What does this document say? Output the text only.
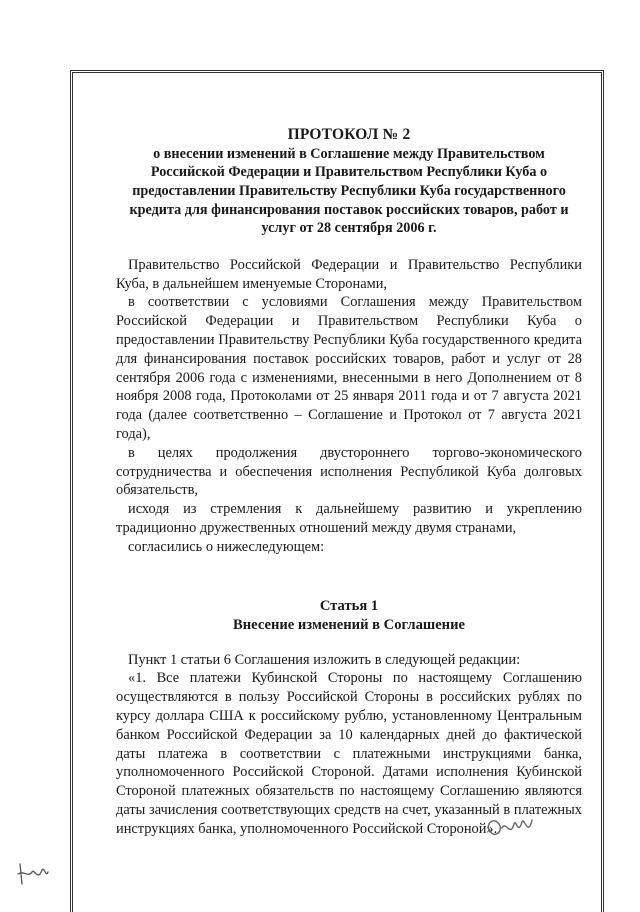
ПРОТОКОЛ № 2
о внесении изменений в Соглашение между Правительством Российской Федерации и Правительством Республики Куба о предоставлении Правительству Республики Куба государственного кредита для финансирования поставок российских товаров, работ и услуг от 28 сентября 2006 г.

Правительство Российской Федерации и Правительство Республики Куба, в дальнейшем именуемые Сторонами,

в соответствии с условиями Соглашения между Правительством Российской Федерации и Правительством Республики Куба о предоставлении Правительству Республики Куба государственного кредита для финансирования поставок российских товаров, работ и услуг от 28 сентября 2006 года с изменениями, внесенными в него Дополнением от 8 ноября 2008 года, Протоколами от 25 января 2011 года и от 7 августа 2021 года (далее соответственно – Соглашение и Протокол от 7 августа 2021 года),

в целях продолжения двустороннего торгово-экономического сотрудничества и обеспечения исполнения Республикой Куба долговых обязательств,

исходя из стремления к дальнейшему развитию и укреплению традиционно дружественных отношений между двумя странами,

согласились о нижеследующем:

Статья 1
Внесение изменений в Соглашение

Пункт 1 статьи 6 Соглашения изложить в следующей редакции:

«1. Все платежи Кубинской Стороны по настоящему Соглашению осуществляются в пользу Российской Стороны в российских рублях по курсу доллара США к российскому рублю, установленному Центральным банком Российской Федерации за 10 календарных дней до фактической даты платежа в соответствии с платежными инструкциями банка, уполномоченного Российской Стороной. Датами исполнения Кубинской Стороной платежных обязательств по настоящему Соглашению являются даты зачисления соответствующих средств на счет, указанный в платежных инструкциях банка, уполномоченного Российской Стороной».
